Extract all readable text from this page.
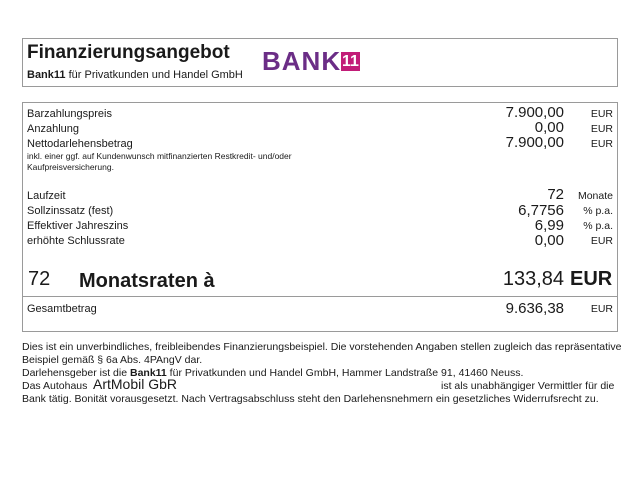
Finanzierungsangebot
Bank11 für Privatkunden und Handel GmbH BANK 11
Barzahlungspreis	7.900,00	EUR
Anzahlung	0,00	EUR
Nettodarlehensbetrag	7.900,00	EUR
inkl. einer ggf. auf Kundenwunsch mitfinanzierten Restkredit- und/oder Kaufpreisversicherung.
Laufzeit	72	Monate
Sollzinssatz (fest)	6,7756	% p.a.
Effektiver Jahreszins	6,99	% p.a.
erhöhte Schlussrate	0,00	EUR
72 Monatsraten à	133,84 EUR
Gesamtbetrag	9.636,38	EUR
Dies ist ein unverbindliches, freibleibendes Finanzierungsbeispiel. Die vorstehenden Angaben stellen zugleich das repräsentative
Beispiel gemäß § 6a Abs. 4PAngV dar.
Darlehensgeber ist die Bank11 für Privatkunden und Handel GmbH, Hammer Landstraße 91, 41460 Neuss.
Das Autohaus ArtMobil GbR	ist als unabhängiger Vermittler für die
Bank tätig. Bonität vorausgesetzt. Nach Vertragsabschluss steht den Darlehensnehmern ein gesetzliches Widerrufsrecht zu.
